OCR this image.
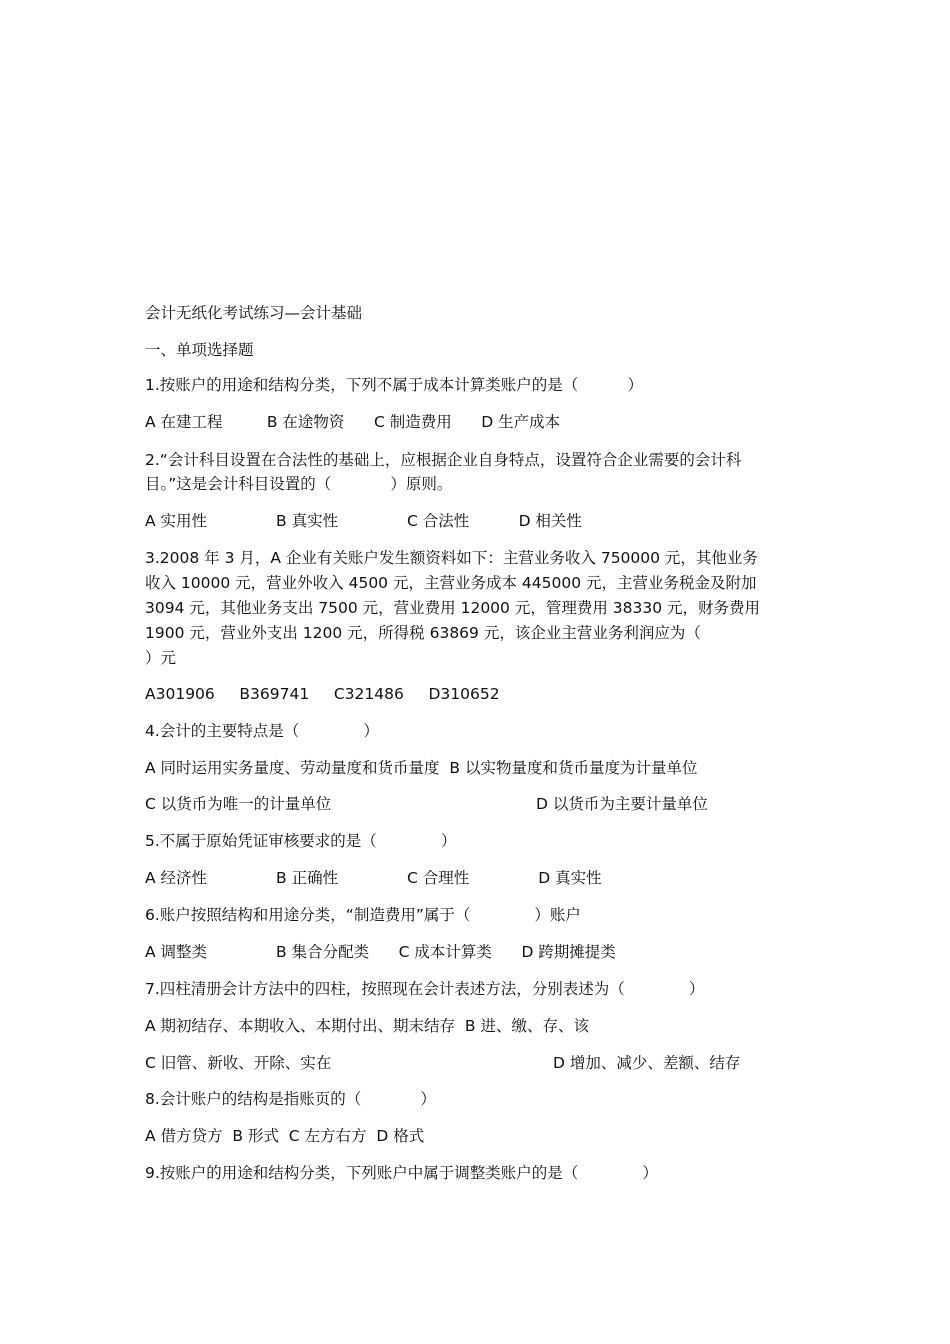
会计无纸化考试练习—会计基础
一、单项选择题
1.按账户的用途和结构分类，下列不属于成本计算类账户的是（          ）
A 在建工程         B 在途物资      C 制造费用      D 生产成本
2.“会计科目设置在合法性的基础上，应根据企业自身特点，设置符合企业需要的会计科
目。”这是会计科目设置的（            ）原则。
A 实用性              B 真实性              C 合法性          D 相关性
3.2008 年 3 月，A 企业有关账户发生额资料如下：主营业务收入 750000 元，其他业务
收入 10000 元，营业外收入 4500 元，主营业务成本 445000 元，主营业务税金及附加
3094 元，其他业务支出 7500 元，营业费用 12000 元，管理费用 38330 元，财务费用
1900 元，营业外支出 1200 元，所得税 63869 元，该企业主营业务利润应为（
）元
A301906     B369741     C321486     D310652
4.会计的主要特点是（             ）
A 同时运用实务量度、劳动量度和货币量度  B 以实物量度和货币量度为计量单位
C 以货币为唯一的计量单位	D 以货币为主要计量单位
5.不属于原始凭证审核要求的是（             ）
A 经济性              B 正确性              C 合理性              D 真实性
6.账户按照结构和用途分类，“制造费用”属于（             ）账户
A 调整类              B 集合分配类      C 成本计算类      D 跨期摊提类
7.四柱清册会计方法中的四柱，按照现在会计表述方法，分别表述为（             ）
A 期初结存、本期收入、本期付出、期末结存  B 进、缴、存、该
C 旧管、新收、开除、实在	D 增加、减少、差额、结存
8.会计账户的结构是指账页的（            ）
A 借方贷方  B 形式  C 左方右方  D 格式
9.按账户的用途和结构分类，下列账户中属于调整类账户的是（             ）
